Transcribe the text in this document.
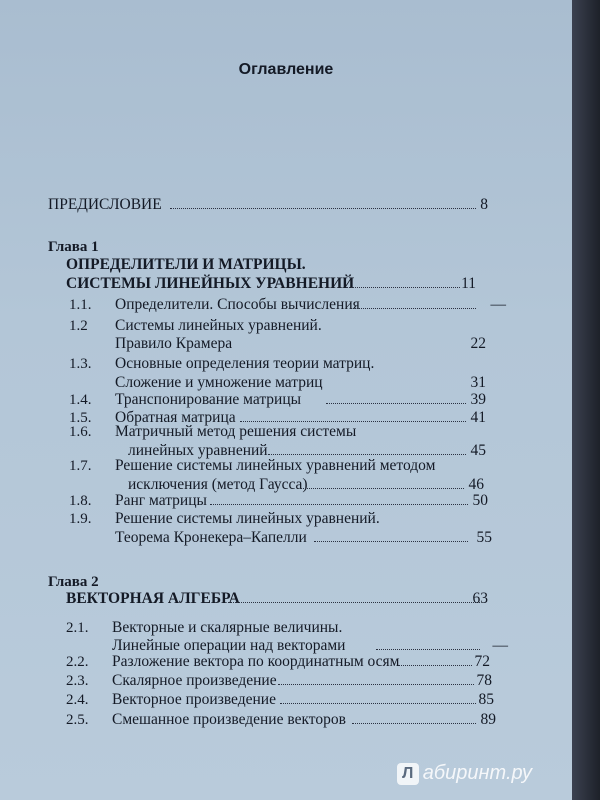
Оглавление
ПРЕДИСЛОВИЕ	8
Глава 1
ОПРЕДЕЛИТЕЛИ И МАТРИЦЫ.
СИСТЕМЫ ЛИНЕЙНЫХ УРАВНЕНИЙ	11
1.1. Определители. Способы вычисления	—
1.2 Системы линейных уравнений.
Правило Крамера	22
1.3. Основные определения теории матриц.
Сложение и умножение матриц	31
1.4. Транспонирование матрицы	39
1.5. Обратная матрица	41
1.6. Матричный метод решения системы
линейных уравнений	45
1.7. Решение системы линейных уравнений методом
исключения (метод Гаусса)	46
1.8. Ранг матрицы	50
1.9. Решение системы линейных уравнений.
Теорема Кронекера–Капелли	55
Глава 2
ВЕКТОРНАЯ АЛГЕБРА	63
2.1. Векторные и скалярные величины.
Линейные операции над векторами	—
2.2. Разложение вектора по координатным осям	72
2.3. Скалярное произведение	78
2.4. Векторное произведение	85
2.5. Смешанное произведение векторов	89
Л абиринт.ру
